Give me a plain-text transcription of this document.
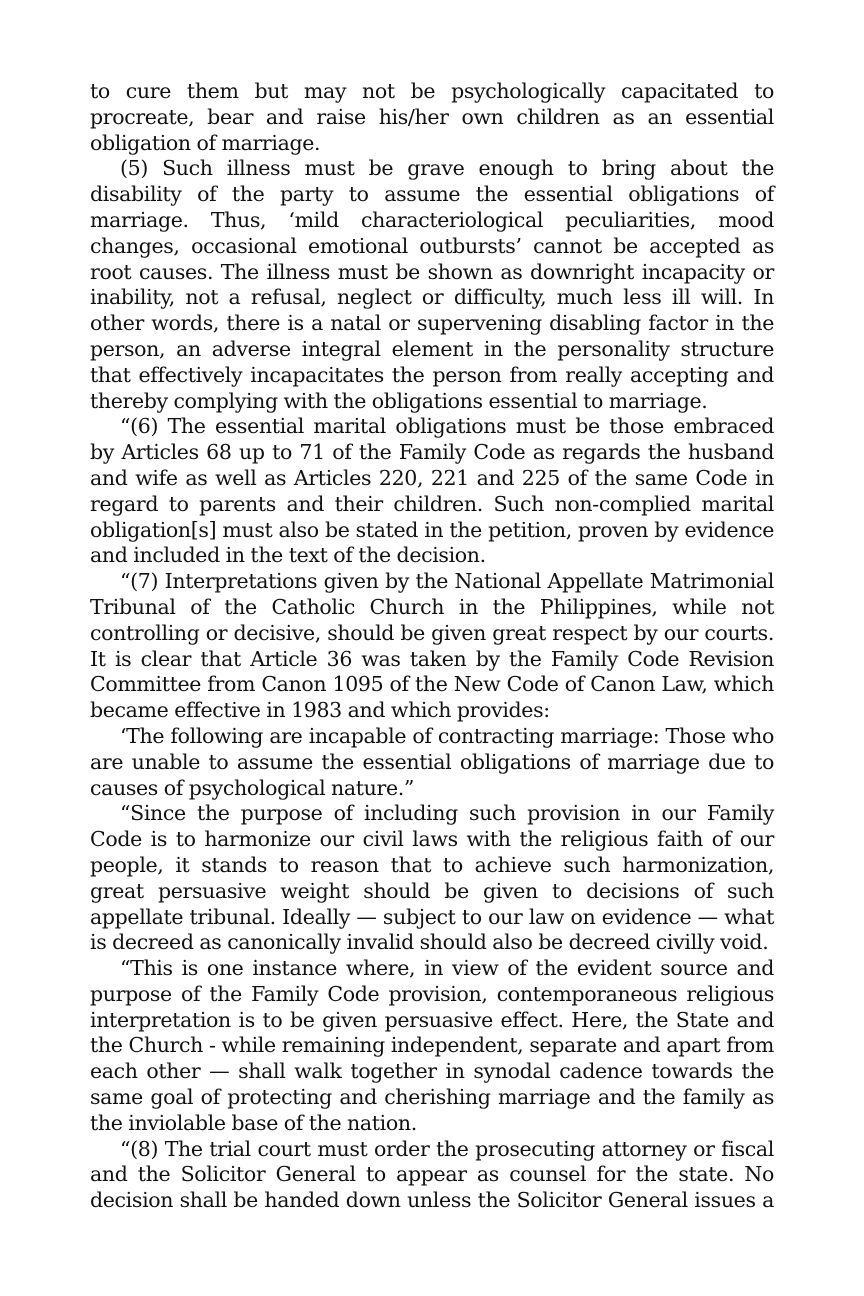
to cure them but may not be psychologically capacitated to procreate, bear and raise his/her own children as an essential obligation of marriage.

(5) Such illness must be grave enough to bring about the disability of the party to assume the essential obligations of marriage. Thus, ‘mild characteriological peculiarities, mood changes, occasional emotional outbursts’ cannot be accepted as root causes. The illness must be shown as downright incapacity or inability, not a refusal, neglect or difficulty, much less ill will. In other words, there is a natal or supervening disabling factor in the person, an adverse integral element in the personality structure that effectively incapacitates the person from really accepting and thereby complying with the obligations essential to marriage.

“(6) The essential marital obligations must be those embraced by Articles 68 up to 71 of the Family Code as regards the husband and wife as well as Articles 220, 221 and 225 of the same Code in regard to parents and their children. Such non-complied marital obligation[s] must also be stated in the petition, proven by evidence and included in the text of the decision.

“(7) Interpretations given by the National Appellate Matrimonial Tribunal of the Catholic Church in the Philippines, while not controlling or decisive, should be given great respect by our courts. It is clear that Article 36 was taken by the Family Code Revision Committee from Canon 1095 of the New Code of Canon Law, which became effective in 1983 and which provides:

‘The following are incapable of contracting marriage: Those who are unable to assume the essential obligations of marriage due to causes of psychological nature.”

“Since the purpose of including such provision in our Family Code is to harmonize our civil laws with the religious faith of our people, it stands to reason that to achieve such harmonization, great persuasive weight should be given to decisions of such appellate tribunal. Ideally — subject to our law on evidence — what is decreed as canonically invalid should also be decreed civilly void.

“This is one instance where, in view of the evident source and purpose of the Family Code provision, contemporaneous religious interpretation is to be given persuasive effect. Here, the State and the Church - while remaining independent, separate and apart from each other — shall walk together in synodal cadence towards the same goal of protecting and cherishing marriage and the family as the inviolable base of the nation.

“(8) The trial court must order the prosecuting attorney or fiscal and the Solicitor General to appear as counsel for the state. No decision shall be handed down unless the Solicitor General issues a
